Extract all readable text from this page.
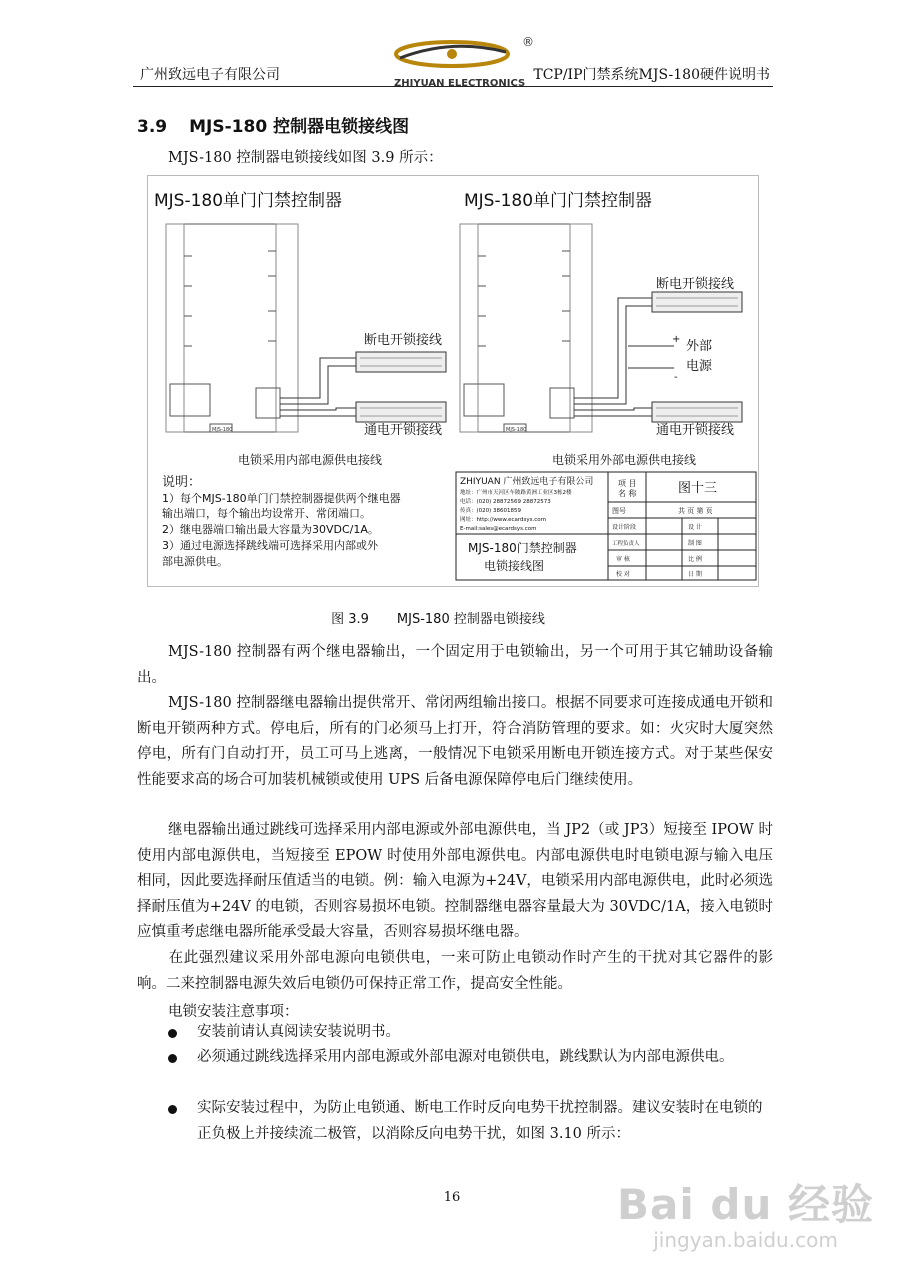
广州致远电子有限公司
®
ZHIYUAN ELECTRONICS
TCP/IP门禁系统MJS-180硬件说明书
3.9 MJS-180 控制器电锁接线图
MJS-180 控制器电锁接线如图 3.9 所示：
MJS-180单门门禁控制器	MJS-180单门门禁控制器
MJS-180
断电开锁接线
通电开锁接线
电锁采用内部电源供电接线
MJS-180
断电开锁接线
+ 外部
电源
-
通电开锁接线
电锁采用外部电源供电接线
说明：
1）每个MJS-180单门门禁控制器提供两个继电器
输出端口，每个输出均设常开、常闭端口。
2）继电器端口输出最大容量为30VDC/1A。
3）通过电源选择跳线端可选择采用内部或外
部电源供电。
ZHIYUAN 广州致远电子有限公司
地址：广州市天河区车陂路黄洲工业区3栋2楼
电话：(020) 28872569 28872573
传真：(020) 38601859
网址：http://www.ecardsys.com
E-mail:sales@ecardsys.com
MJS-180门禁控制器
电锁接线图
项 目
名 称	图十三
图号	共 页 第 页
设计阶段	设 计
工程负责人	制 图
审 核	比 例
校 对	日 期
图 3.9 MJS-180 控制器电锁接线
MJS-180 控制器有两个继电器输出，一个固定用于电锁输出，另一个可用于其它辅助设备输出。
MJS-180 控制器继电器输出提供常开、常闭两组输出接口。根据不同要求可连接成通电开锁和断电开锁两种方式。停电后，所有的门必须马上打开，符合消防管理的要求。如：火灾时大厦突然停电，所有门自动打开，员工可马上逃离，一般情况下电锁采用断电开锁连接方式。对于某些保安性能要求高的场合可加装机械锁或使用 UPS 后备电源保障停电后门继续使用。
继电器输出通过跳线可选择采用内部电源或外部电源供电，当 JP2（或 JP3）短接至 IPOW 时使用内部电源供电，当短接至 EPOW 时使用外部电源供电。内部电源供电时电锁电源与输入电压相同，因此要选择耐压值适当的电锁。例：输入电源为+24V，电锁采用内部电源供电，此时必须选择耐压值为+24V 的电锁，否则容易损坏电锁。控制器继电器容量最大为 30VDC/1A，接入电锁时应慎重考虑继电器所能承受最大容量，否则容易损坏继电器。
在此强烈建议采用外部电源向电锁供电，一来可防止电锁动作时产生的干扰对其它器件的影响。二来控制器电源失效后电锁仍可保持正常工作，提高安全性能。
电锁安装注意事项：
安装前请认真阅读安装说明书。
必须通过跳线选择采用内部电源或外部电源对电锁供电，跳线默认为内部电源供电。
实际安装过程中，为防止电锁通、断电工作时反向电势干扰控制器。建议安装时在电锁的正负极上并接续流二极管，以消除反向电势干扰，如图 3.10 所示：
16	Bai du 经验
jingyan.baidu.com
